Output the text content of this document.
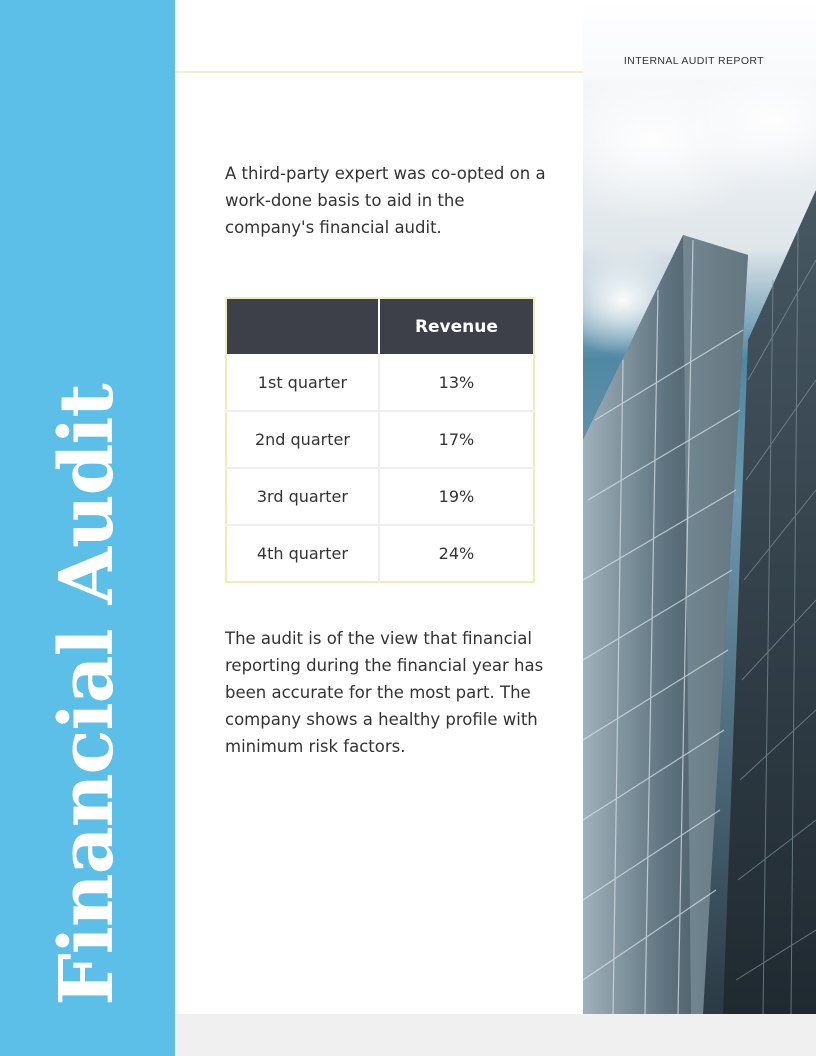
Financial Audit
INTERNAL AUDIT REPORT

A third-party expert was co-opted on a work-done basis to aid in the company's financial audit.

	Revenue
1st quarter	13%
2nd quarter	17%
3rd quarter	19%
4th quarter	24%

The audit is of the view that financial reporting during the financial year has been accurate for the most part. The company shows a healthy profile with minimum risk factors.
